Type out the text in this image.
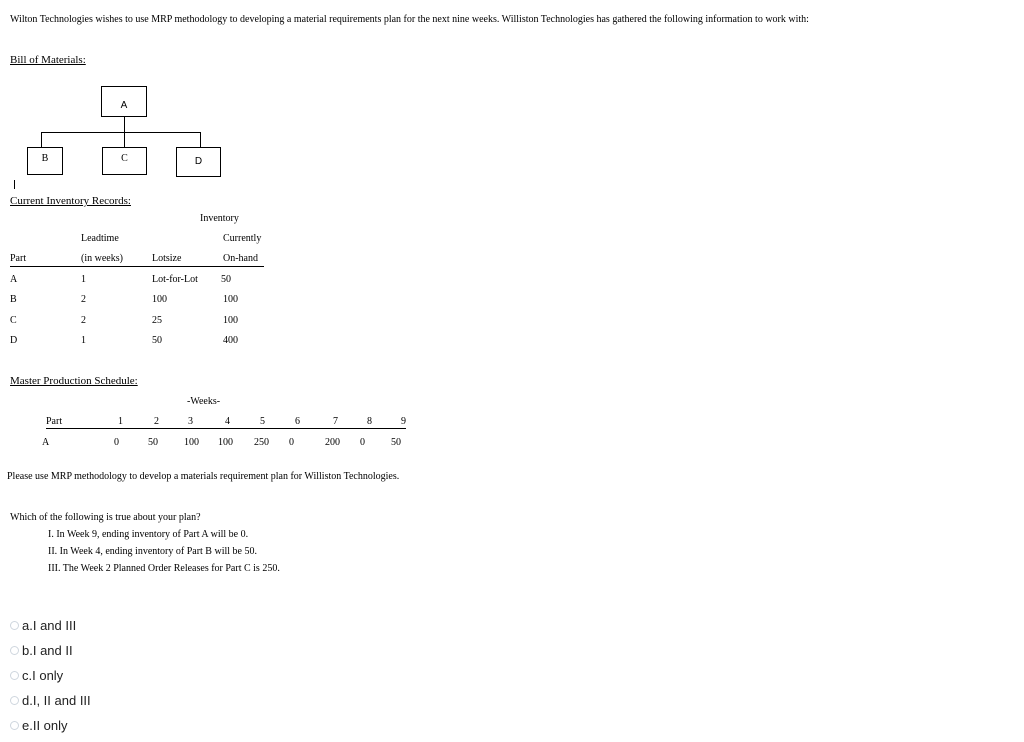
Wilton Technologies wishes to use MRP methodology to developing a material requirements plan for the next nine weeks. Williston Technologies has gathered the following information to work with:
Bill of Materials:
A
B	C	D
Current Inventory Records:
Inventory
Leadtime	Currently
Part	(in weeks)	Lotsize	On-hand
A	1	Lot-for-Lot 50
B	2	100	100
C	2	25	100
D	1	50	400
Master Production Schedule:
-Weeks-
Part	1	2	3	4	5	6	7	8	9
A	0	50	100 100 250 0	200 0	50
Please use MRP methodology to develop a materials requirement plan for Williston Technologies.
Which of the following is true about your plan?
I. In Week 9, ending inventory of Part A will be 0.
II. In Week 4, ending inventory of Part B will be 50.
III. The Week 2 Planned Order Releases for Part C is 250.
a.I and III
b.I and II
c.I only
d.I, II and III
e.II only
